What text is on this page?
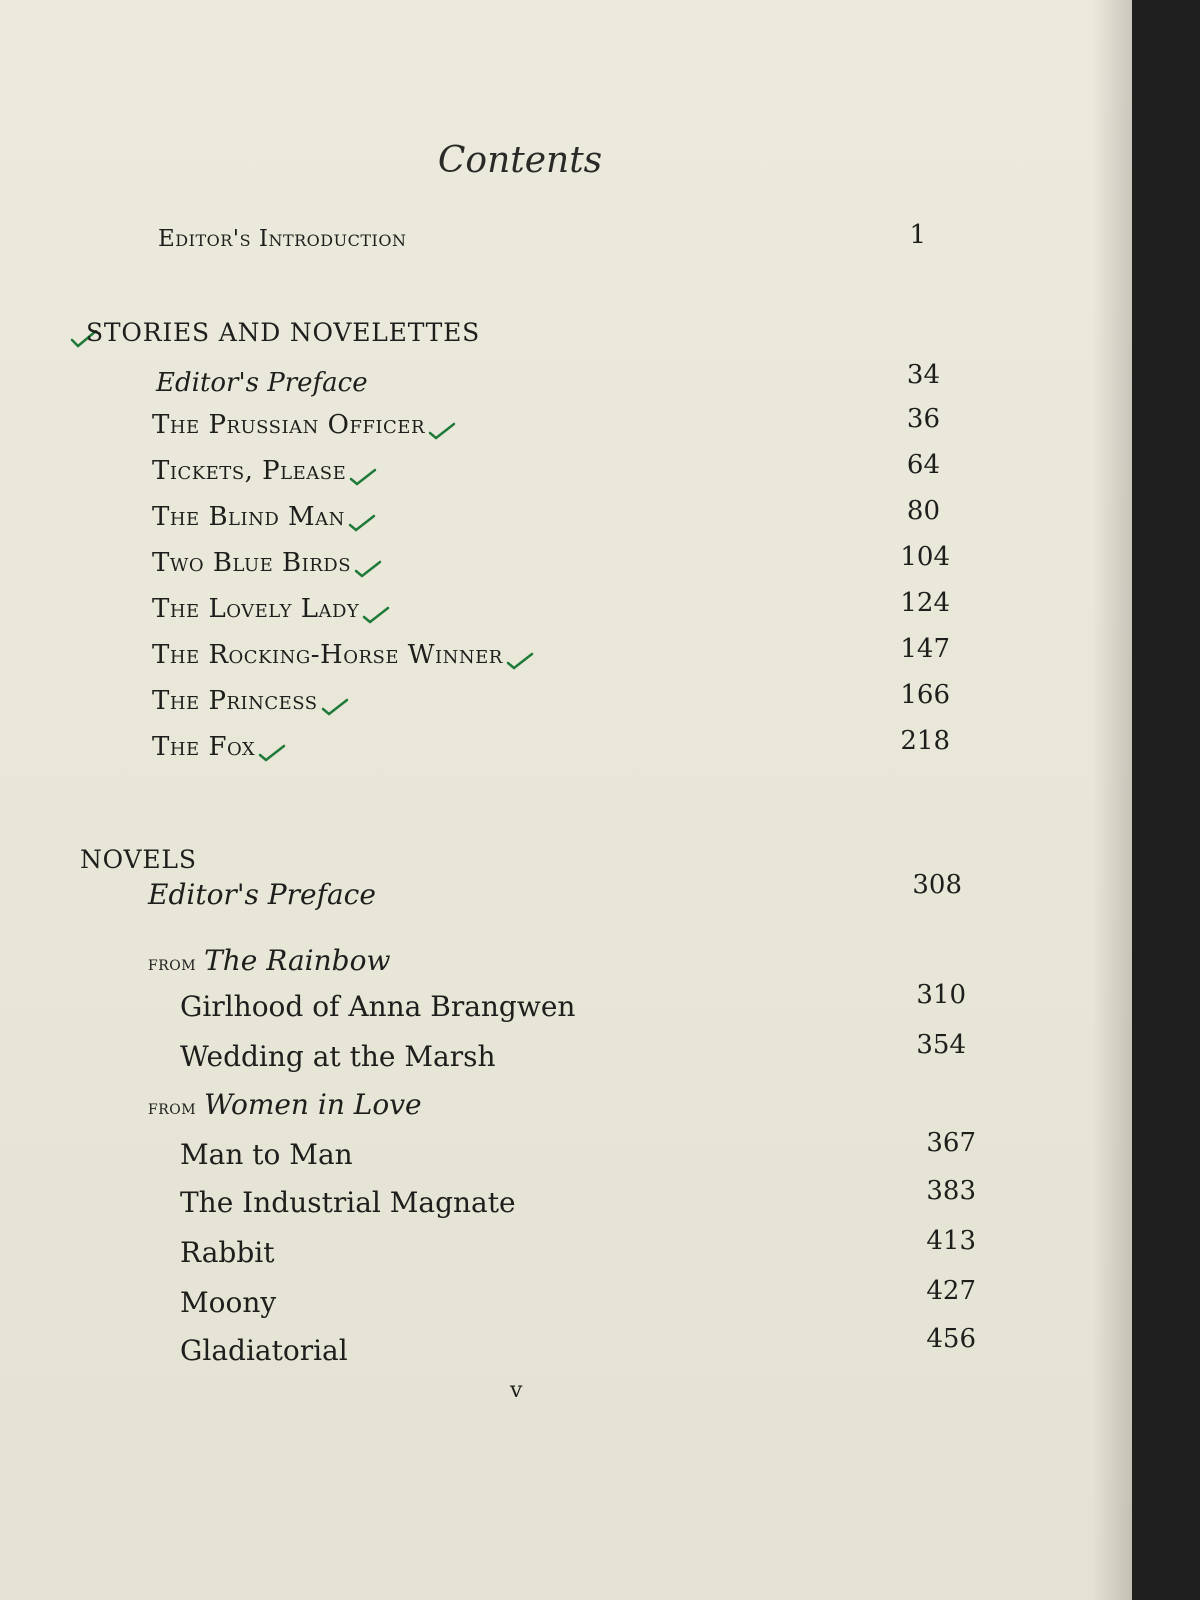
Contents
Editor's Introduction	1
STORIES AND NOVELETTES
Editor's Preface	34
The Prussian Officer	36
Tickets, Please	64
The Blind Man	80
Two Blue Birds	104
The Lovely Lady	124
The Rocking-Horse Winner	147
The Princess	166
The Fox	218
NOVELS
Editor's Preface	308
from The Rainbow
Girlhood of Anna Brangwen	310
Wedding at the Marsh	354
from Women in Love
Man to Man	367
The Industrial Magnate	383
Rabbit	413
Moony	427
Gladiatorial	456
v
